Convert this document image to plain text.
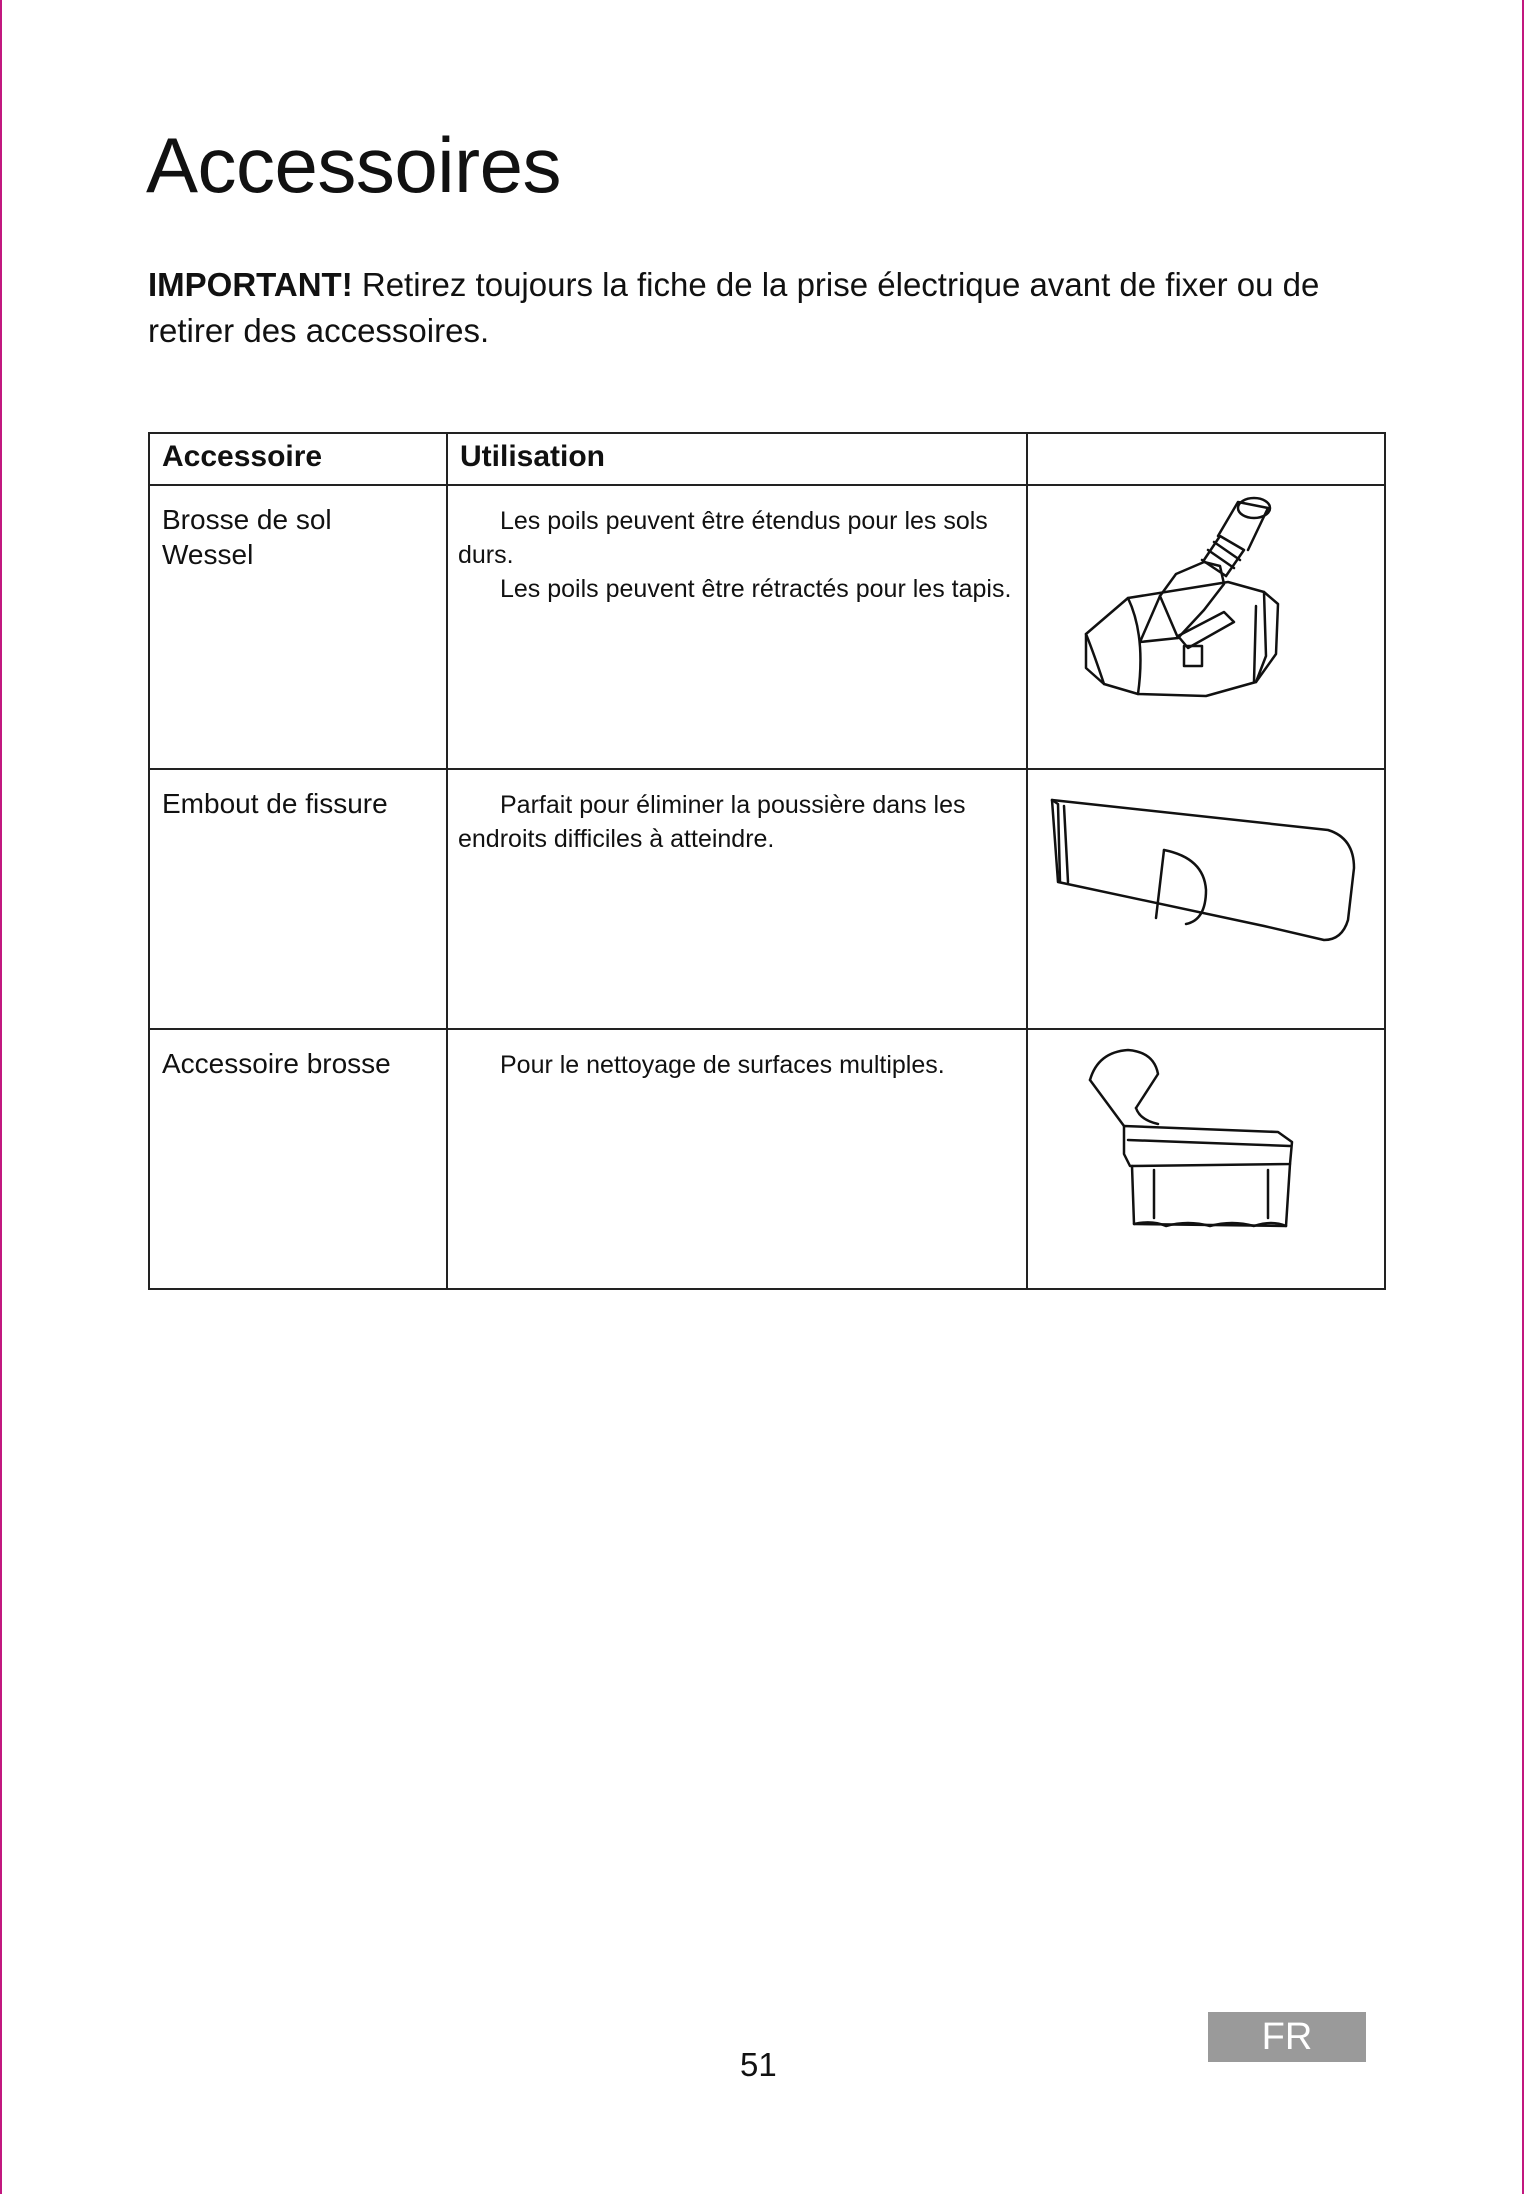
Accessoires
IMPORTANT! Retirez toujours la fiche de la prise électrique avant de fixer ou de retirer des accessoires.
Accessoire	Utilisation	

Brosse de sol
Wessel	Les poils peuvent être étendus pour les sols durs.
Les poils peuvent être rétractés pour les tapis.

Embout de fissure	Parfait pour éliminer la poussière dans les endroits difficiles à atteindre.

Accessoire brosse	Pour le nettoyage de surfaces multiples.

51
FR
